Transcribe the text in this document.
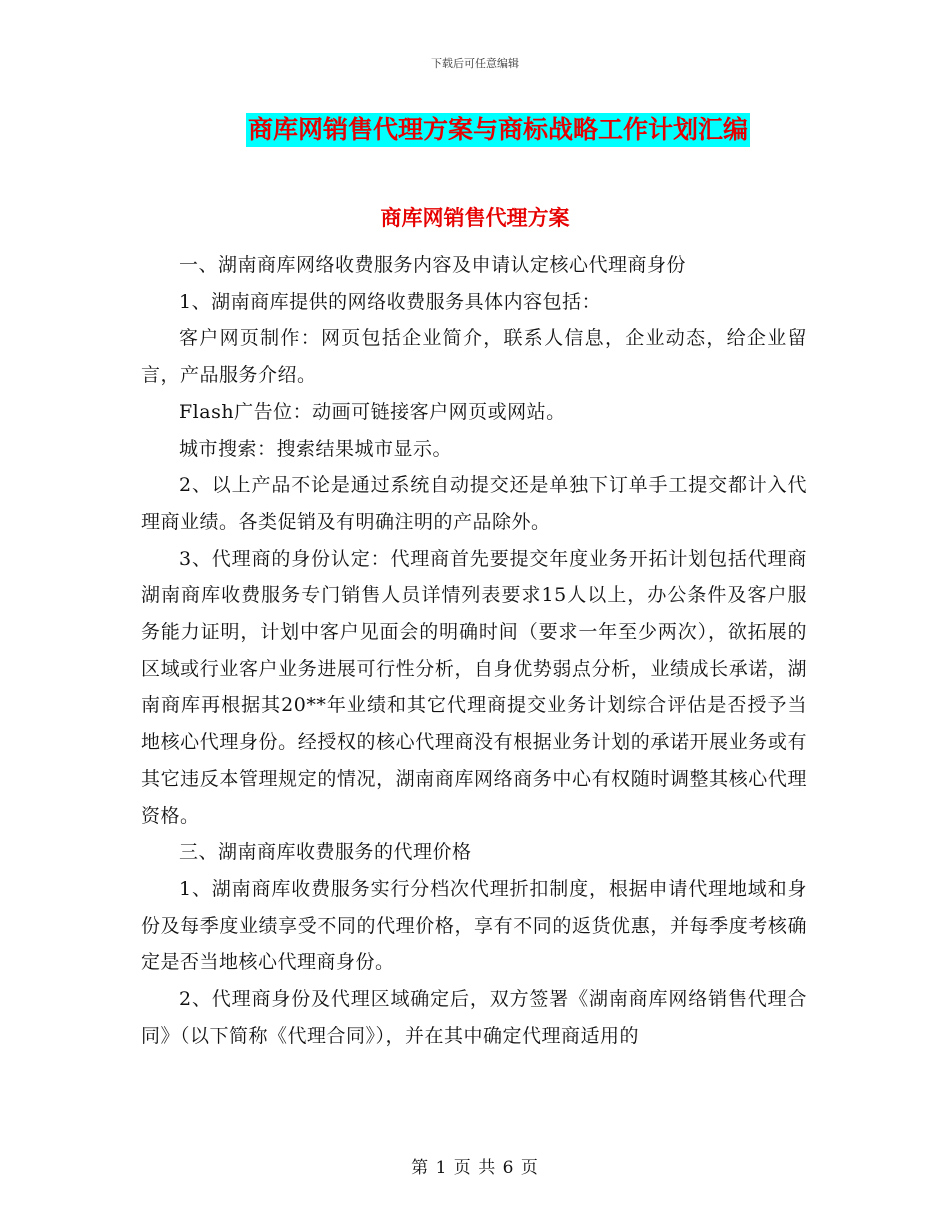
下载后可任意编辑
商库网销售代理方案与商标战略工作计划汇编
商库网销售代理方案

一、湖南商库网络收费服务内容及申请认定核心代理商身份

1、湖南商库提供的网络收费服务具体内容包括：

客户网页制作：网页包括企业简介，联系人信息，企业动态，给企业留言，产品服务介绍。

Flash广告位：动画可链接客户网页或网站。

城市搜索：搜索结果城市显示。

2、以上产品不论是通过系统自动提交还是单独下订单手工提交都计入代理商业绩。各类促销及有明确注明的产品除外。

3、代理商的身份认定：代理商首先要提交年度业务开拓计划包括代理商湖南商库收费服务专门销售人员详情列表要求15人以上，办公条件及客户服务能力证明，计划中客户见面会的明确时间（要求一年至少两次），欲拓展的区域或行业客户业务进展可行性分析，自身优势弱点分析，业绩成长承诺，湖南商库再根据其20**年业绩和其它代理商提交业务计划综合评估是否授予当地核心代理身份。经授权的核心代理商没有根据业务计划的承诺开展业务或有其它违反本管理规定的情况，湖南商库网络商务中心有权随时调整其核心代理资格。

三、湖南商库收费服务的代理价格

1、湖南商库收费服务实行分档次代理折扣制度，根据申请代理地域和身份及每季度业绩享受不同的代理价格，享有不同的返货优惠，并每季度考核确定是否当地核心代理商身份。

2、代理商身份及代理区域确定后，双方签署《湖南商库网络销售代理合同》（以下简称《代理合同》），并在其中确定代理商适用的

第 1 页 共 6 页
